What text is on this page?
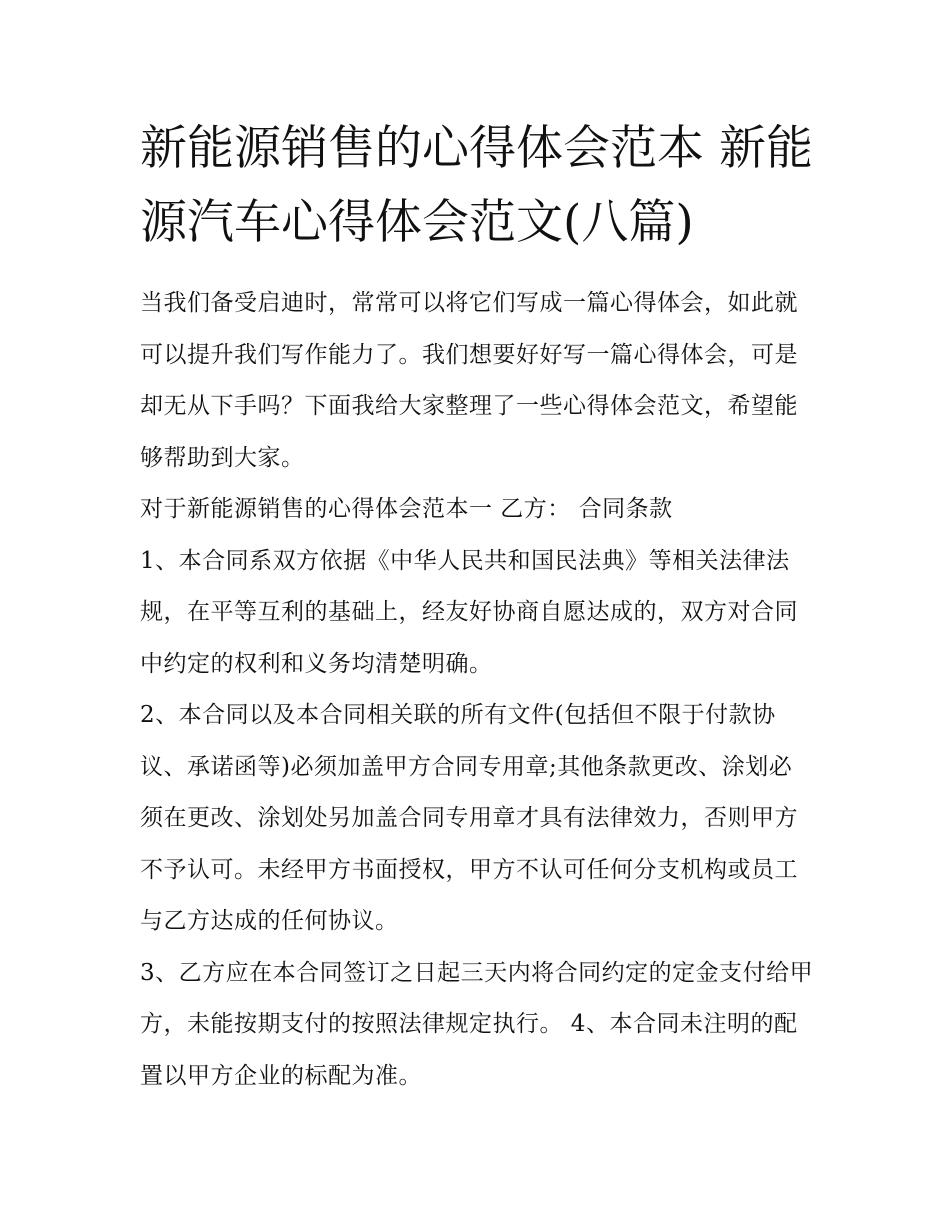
新能源销售的心得体会范本 新能源汽车心得体会范文(八篇)

当我们备受启迪时，常常可以将它们写成一篇心得体会，如此就可以提升我们写作能力了。我们想要好好写一篇心得体会，可是却无从下手吗？下面我给大家整理了一些心得体会范文，希望能够帮助到大家。

对于新能源销售的心得体会范本一 乙方： 合同条款

1、本合同系双方依据《中华人民共和国民法典》等相关法律法规，在平等互利的基础上，经友好协商自愿达成的，双方对合同中约定的权利和义务均清楚明确。

2、本合同以及本合同相关联的所有文件(包括但不限于付款协议、承诺函等)必须加盖甲方合同专用章;其他条款更改、涂划必须在更改、涂划处另加盖合同专用章才具有法律效力，否则甲方不予认可。未经甲方书面授权，甲方不认可任何分支机构或员工与乙方达成的任何协议。

3、乙方应在本合同签订之日起三天内将合同约定的定金支付给甲方，未能按期支付的按照法律规定执行。 4、本合同未注明的配置以甲方企业的标配为准。
